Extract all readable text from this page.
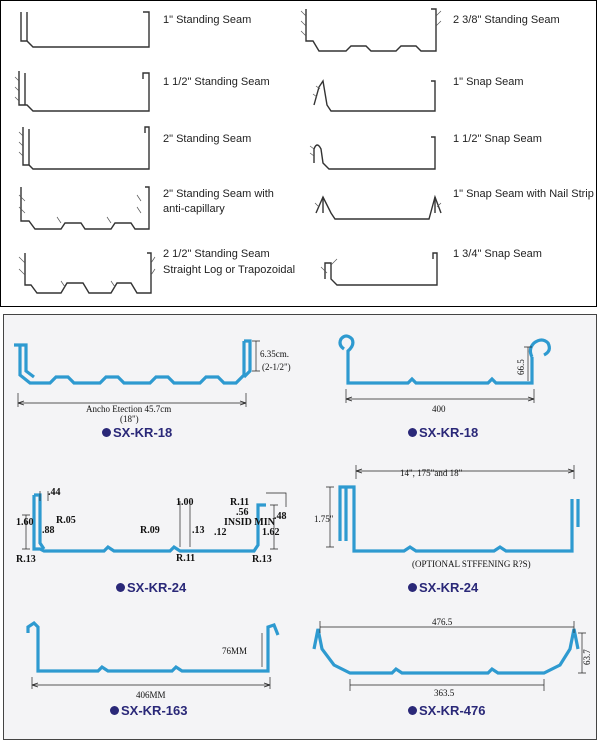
1" Standing Seam	2 3/8" Standing Seam
1 1/2" Standing Seam	1" Snap Seam
2" Standing Seam	1 1/2" Snap Seam
2" Standing Seam with
anti-capillary
1" Snap Seam with Nail Strip
2 1/2" Standing Seam
Straight Log or Trapozoidal
1 3/4" Snap Seam
6.35cm.
(2-1/2")
Ancho Etection 45.7cm
(18")
66.5
400
.44
1.60
.88
R.05
R.13
1.00
R.09	.13 .12
R.11
R.11
.56
INSID MIN
.48
1.62
R.13
14", 175"and 18"
1.75"
(OPTIONAL STFFENING R?S)
76MM
406MM
476.5
363.5
63.7
SX-KR-18	SX-KR-18
SX-KR-24	SX-KR-24
SX-KR-163	SX-KR-476
